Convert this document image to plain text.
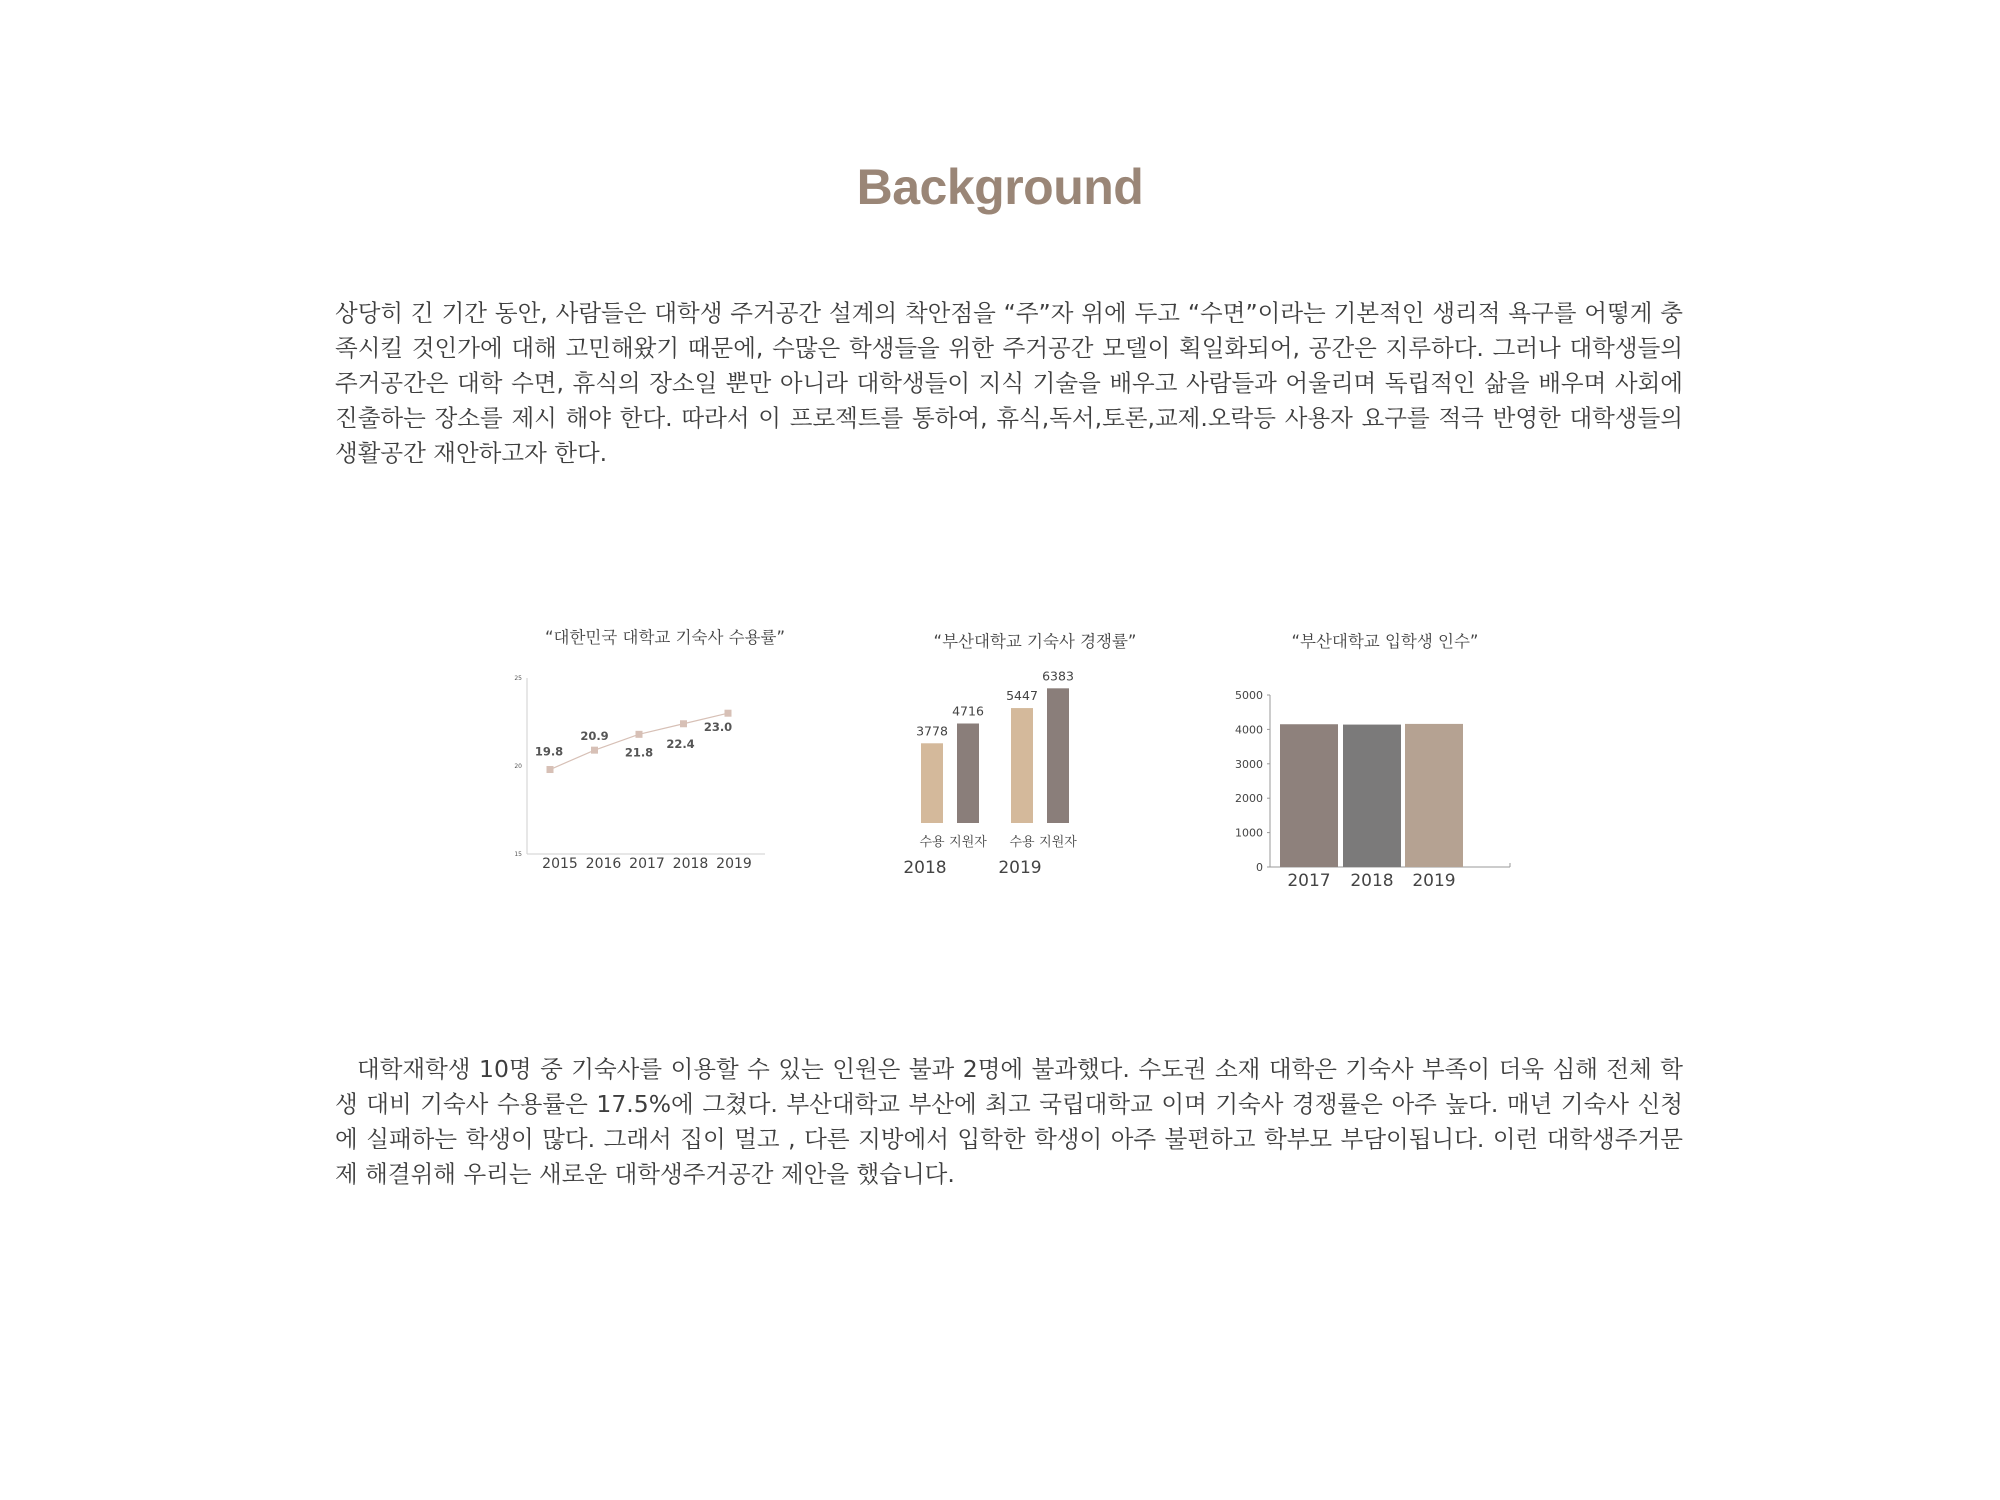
Background
상당히 긴 기간 동안, 사람들은 대학생 주거공간 설계의 착안점을 “주”자 위에 두고 “수면”이라는 기본적인 생리적 욕구를 어떻게 충족시킬 것인가에 대해 고민해왔기 때문에, 수많은 학생들을 위한 주거공간 모델이 획일화되어, 공간은 지루하다. 그러나 대학생들의 주거공간은 대학 수면, 휴식의 장소일 뿐만 아니라 대학생들이 지식 기술을 배우고 사람들과 어울리며 독립적인 삶을 배우며 사회에 진출하는 장소를 제시 해야 한다. 따라서 이 프로젝트를 통하여, 휴식,독서,토론,교제.오락등 사용자 요구를 적극 반영한 대학생들의 생활공간 재안하고자 한다.
“대한민국 대학교 기숙사 수용률”
15
20
25
19.8
20.9
21.8
22.4
23.0
2015 2016 2017 2018 2019
“부산대학교 기숙사 경쟁률”
3778
수용
4716
지원자
5447
수용
6383
지원자
2018	2019
“부산대학교 입학생 인수”
0
1000
2000
3000
4000
5000
2017 2018 2019
대학재학생 10명 중 기숙사를 이용할 수 있는 인원은 불과 2명에 불과했다. 수도권 소재 대학은 기숙사 부족이 더욱 심해 전체 학생 대비 기숙사 수용률은 17.5%에 그쳤다. 부산대학교 부산에 최고 국립대학교 이며 기숙사 경쟁률은 아주 높다. 매년 기숙사 신청에 실패하는 학생이 많다. 그래서 집이 멀고 , 다른 지방에서 입학한 학생이 아주 불편하고 학부모 부담이됩니다. 이런 대학생주거문제 해결위해 우리는 새로운 대학생주거공간 제안을 했습니다.
